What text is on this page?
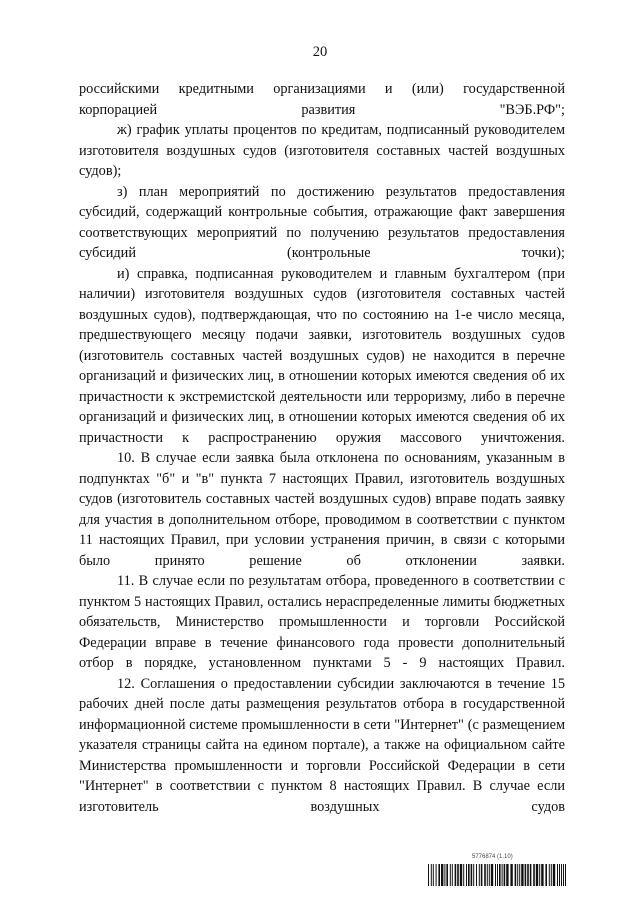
20

российскими кредитными организациями и (или) государственной корпорацией развития "ВЭБ.РФ";

ж) график уплаты процентов по кредитам, подписанный руководителем изготовителя воздушных судов (изготовителя составных частей воздушных судов);

з) план мероприятий по достижению результатов предоставления субсидий, содержащий контрольные события, отражающие факт завершения соответствующих мероприятий по получению результатов предоставления субсидий (контрольные точки);

и) справка, подписанная руководителем и главным бухгалтером (при наличии) изготовителя воздушных судов (изготовителя составных частей воздушных судов), подтверждающая, что по состоянию на 1-е число месяца, предшествующего месяцу подачи заявки, изготовитель воздушных судов (изготовитель составных частей воздушных судов) не находится в перечне организаций и физических лиц, в отношении которых имеются сведения об их причастности к экстремистской деятельности или терроризму, либо в перечне организаций и физических лиц, в отношении которых имеются сведения об их причастности к распространению оружия массового уничтожения.

10. В случае если заявка была отклонена по основаниям, указанным в подпунктах "б" и "в" пункта 7 настоящих Правил, изготовитель воздушных судов (изготовитель составных частей воздушных судов) вправе подать заявку для участия в дополнительном отборе, проводимом в соответствии с пунктом 11 настоящих Правил, при условии устранения причин, в связи с которыми было принято решение об отклонении заявки.

11. В случае если по результатам отбора, проведенного в соответствии с пунктом 5 настоящих Правил, остались нераспределенные лимиты бюджетных обязательств, Министерство промышленности и торговли Российской Федерации вправе в течение финансового года провести дополнительный отбор в порядке, установленном пунктами 5 - 9 настоящих Правил.

12. Соглашения о предоставлении субсидии заключаются в течение 15 рабочих дней после даты размещения результатов отбора в государственной информационной системе промышленности в сети "Интернет" (с размещением указателя страницы сайта на едином портале), а также на официальном сайте Министерства промышленности и торговли Российской Федерации в сети "Интернет" в соответствии с пунктом 8 настоящих Правил. В случае если изготовитель воздушных судов

5776874 (1.10)
